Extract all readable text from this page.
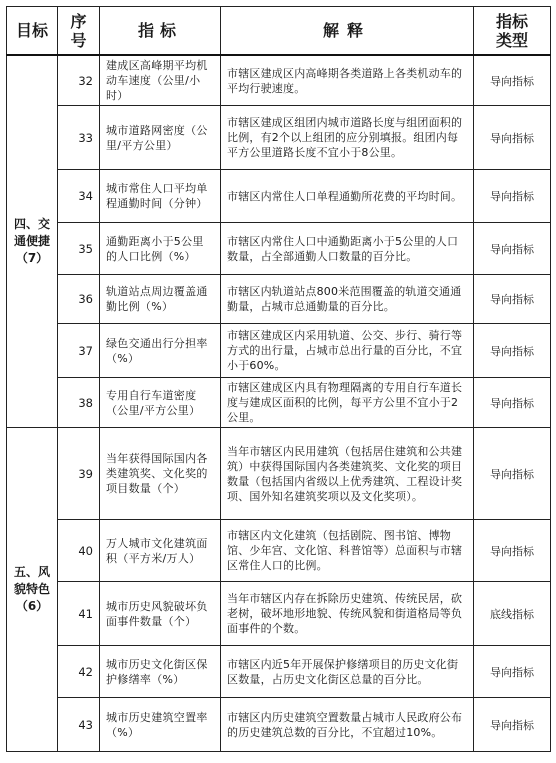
目标	序号	指标	解释	指标类型
四、交通便捷（7）	32	建成区高峰期平均机动车速度（公里/小时）	市辖区建成区内高峰期各类道路上各类机动车的平均行驶速度。	导向指标
	33	城市道路网密度（公里/平方公里）	市辖区建成区组团内城市道路长度与组团面积的比例，有2个以上组团的应分别填报。组团内每平方公里道路长度不宜小于8公里。	导向指标
	34	城市常住人口平均单程通勤时间（分钟）	市辖区内常住人口单程通勤所花费的平均时间。	导向指标
	35	通勤距离小于5公里的人口比例（%）	市辖区内常住人口中通勤距离小于5公里的人口数量，占全部通勤人口数量的百分比。	导向指标
	36	轨道站点周边覆盖通勤比例（%）	市辖区内轨道站点800米范围覆盖的轨道交通通勤量，占城市总通勤量的百分比。	导向指标
	37	绿色交通出行分担率（%）	市辖区建成区内采用轨道、公交、步行、骑行等方式的出行量，占城市总出行量的百分比，不宜小于60%。	导向指标
	38	专用自行车道密度（公里/平方公里）	市辖区建成区内具有物理隔离的专用自行车道长度与建成区面积的比例，每平方公里不宜小于2公里。	导向指标
五、风貌特色（6）	39	当年获得国际国内各类建筑奖、文化奖的项目数量（个）	当年市辖区内民用建筑（包括居住建筑和公共建筑）中获得国际国内各类建筑奖、文化奖的项目数量（包括国内省级以上优秀建筑、工程设计奖项、国外知名建筑奖项以及文化奖项）。	导向指标
	40	万人城市文化建筑面积（平方米/万人）	市辖区内文化建筑（包括剧院、图书馆、博物馆、少年宫、文化馆、科普馆等）总面积与市辖区常住人口的比例。	导向指标
	41	城市历史风貌破坏负面事件数量（个）	当年市辖区内存在拆除历史建筑、传统民居，砍老树，破坏地形地貌、传统风貌和街道格局等负面事件的个数。	底线指标
	42	城市历史文化街区保护修缮率（%）	市辖区内近5年开展保护修缮项目的历史文化街区数量，占历史文化街区总量的百分比。	导向指标
	43	城市历史建筑空置率（%）	市辖区内历史建筑空置数量占城市人民政府公布的历史建筑总数的百分比，不宜超过10%。	导向指标
